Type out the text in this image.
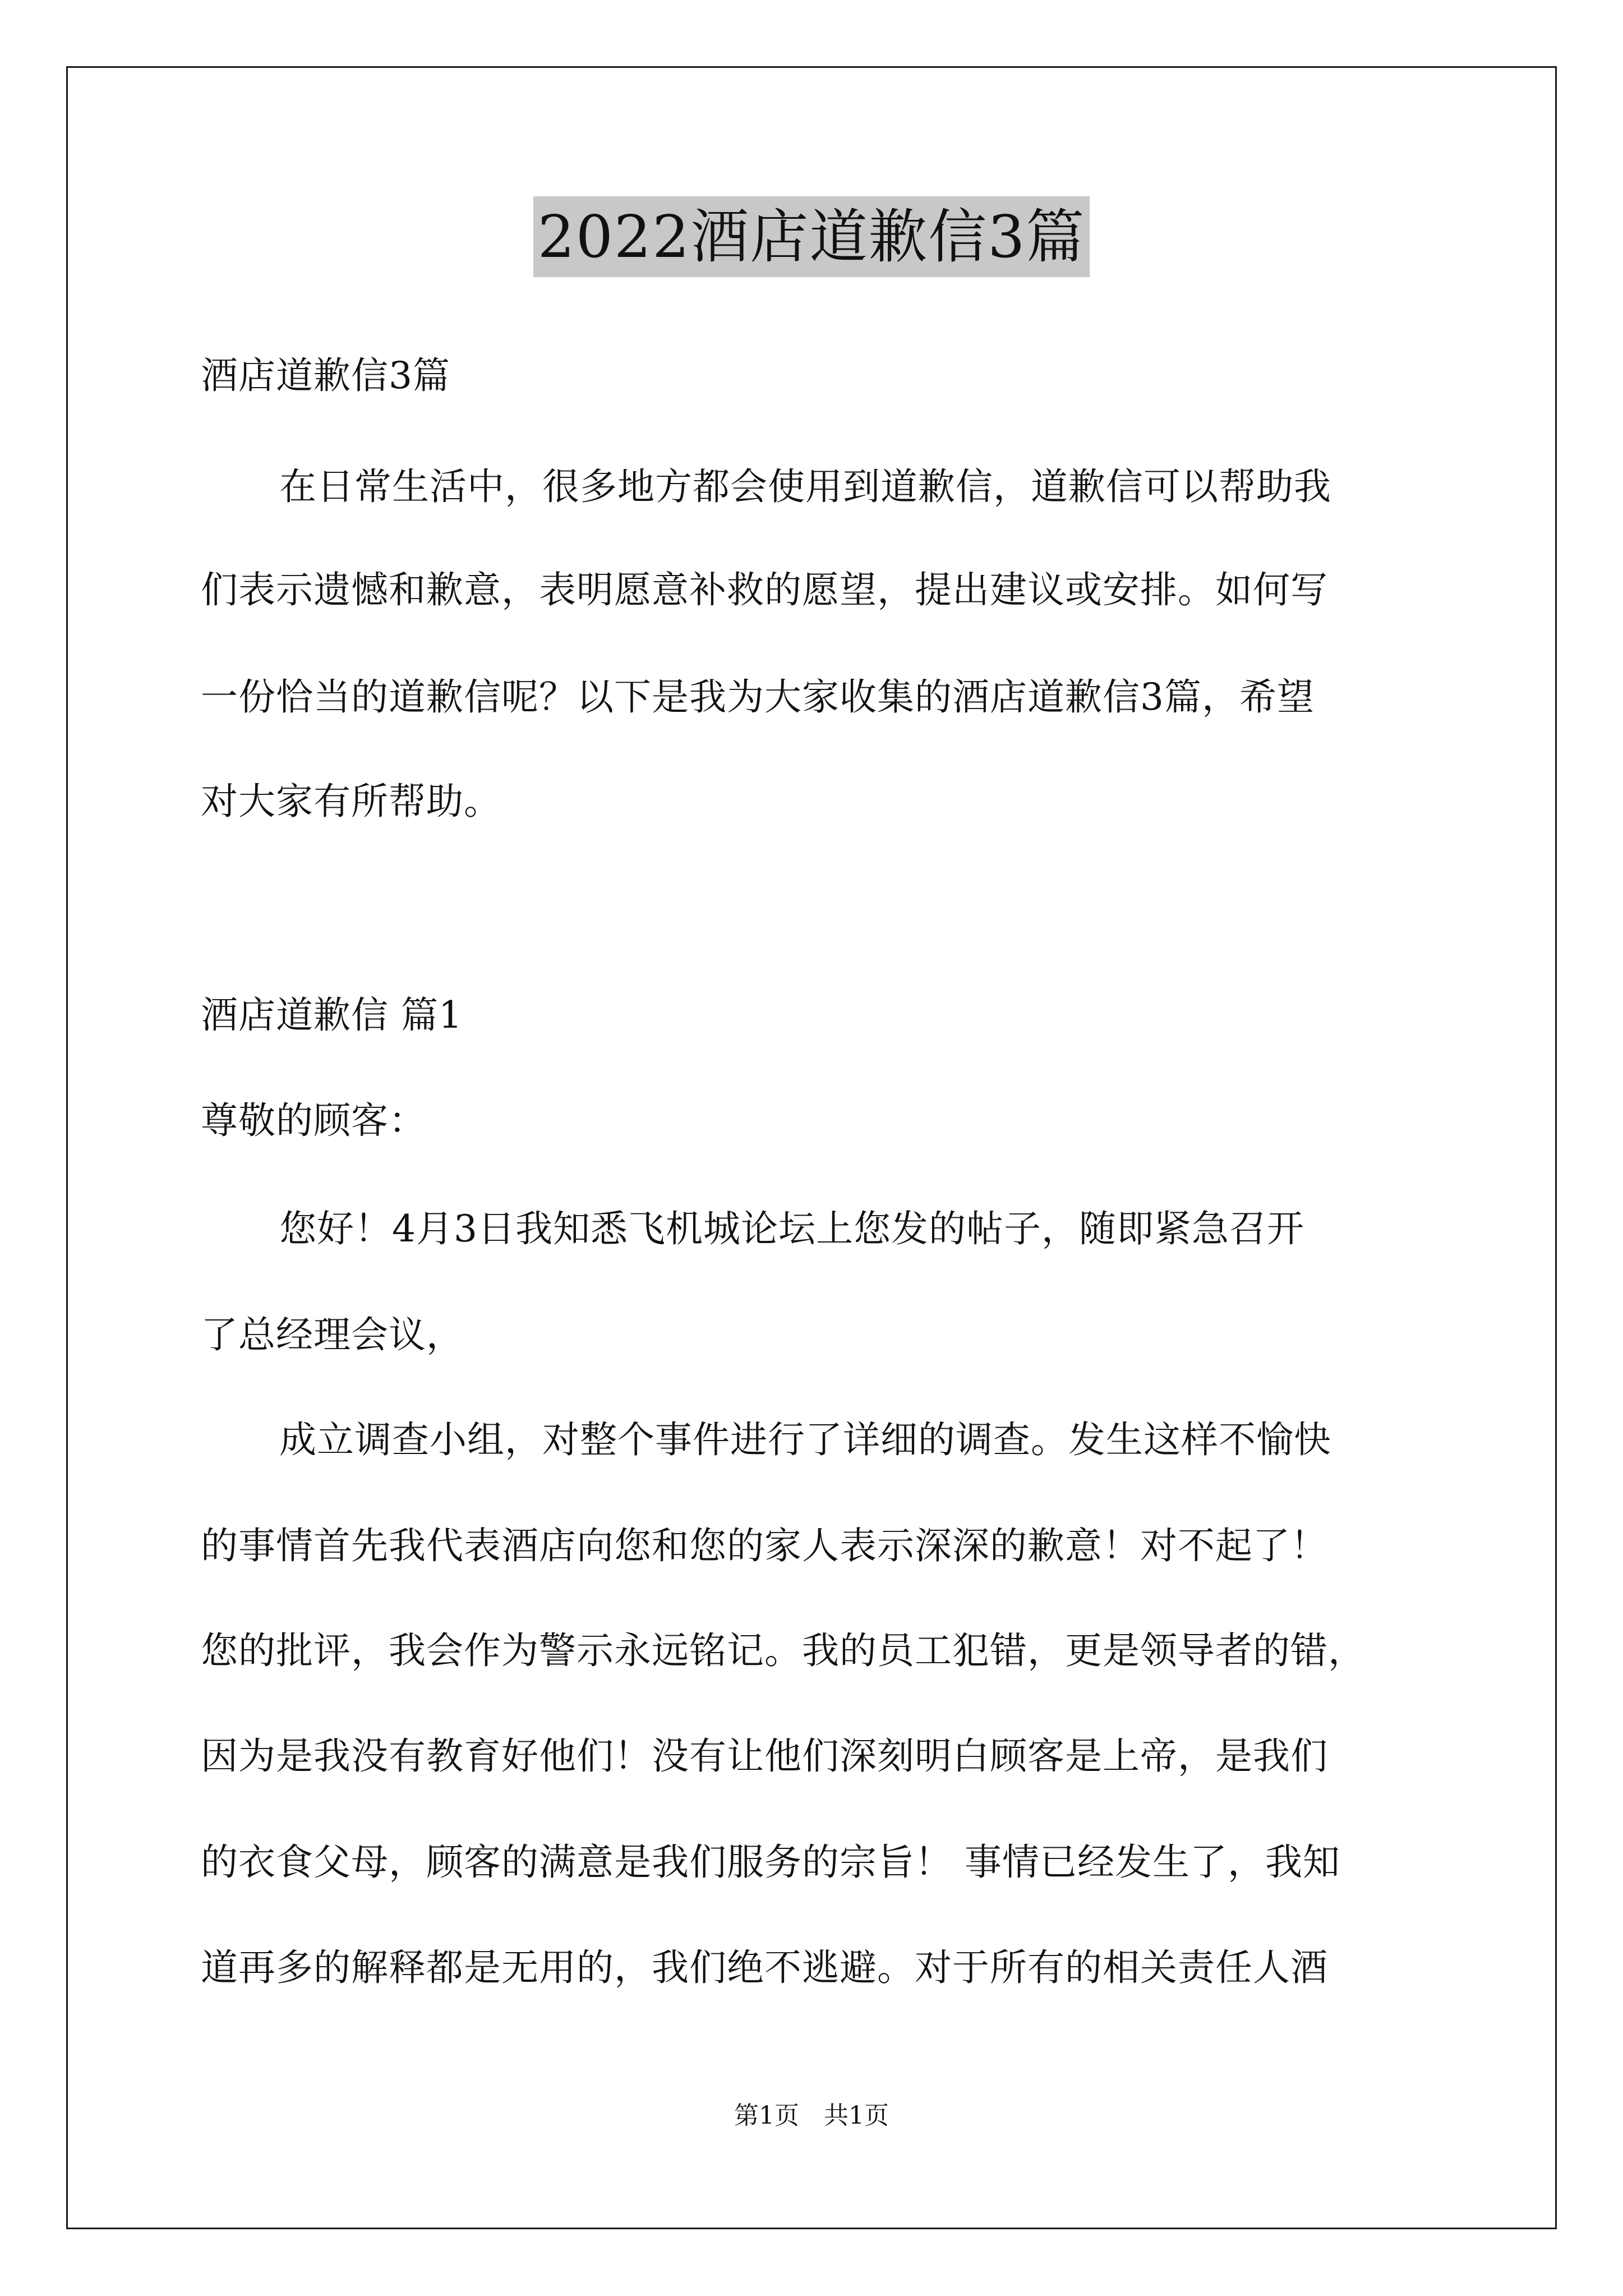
2022酒店道歉信3篇
酒店道歉信3篇
在日常生活中，很多地方都会使用到道歉信，道歉信可以帮助我
们表示遗憾和歉意，表明愿意补救的愿望，提出建议或安排。如何写
一份恰当的道歉信呢？以下是我为大家收集的酒店道歉信3篇，希望
对大家有所帮助。
酒店道歉信 篇1
尊敬的顾客：
您好！4月3日我知悉飞机城论坛上您发的帖子，随即紧急召开
了总经理会议，
成立调查小组，对整个事件进行了详细的调查。发生这样不愉快
的事情首先我代表酒店向您和您的家人表示深深的歉意！对不起了！
您的批评，我会作为警示永远铭记。我的员工犯错，更是领导者的错，
因为是我没有教育好他们！没有让他们深刻明白顾客是上帝，是我们
的衣食父母，顾客的满意是我们服务的宗旨！ 事情已经发生了，我知
道再多的解释都是无用的，我们绝不逃避。对于所有的相关责任人酒
第1页 共1页
